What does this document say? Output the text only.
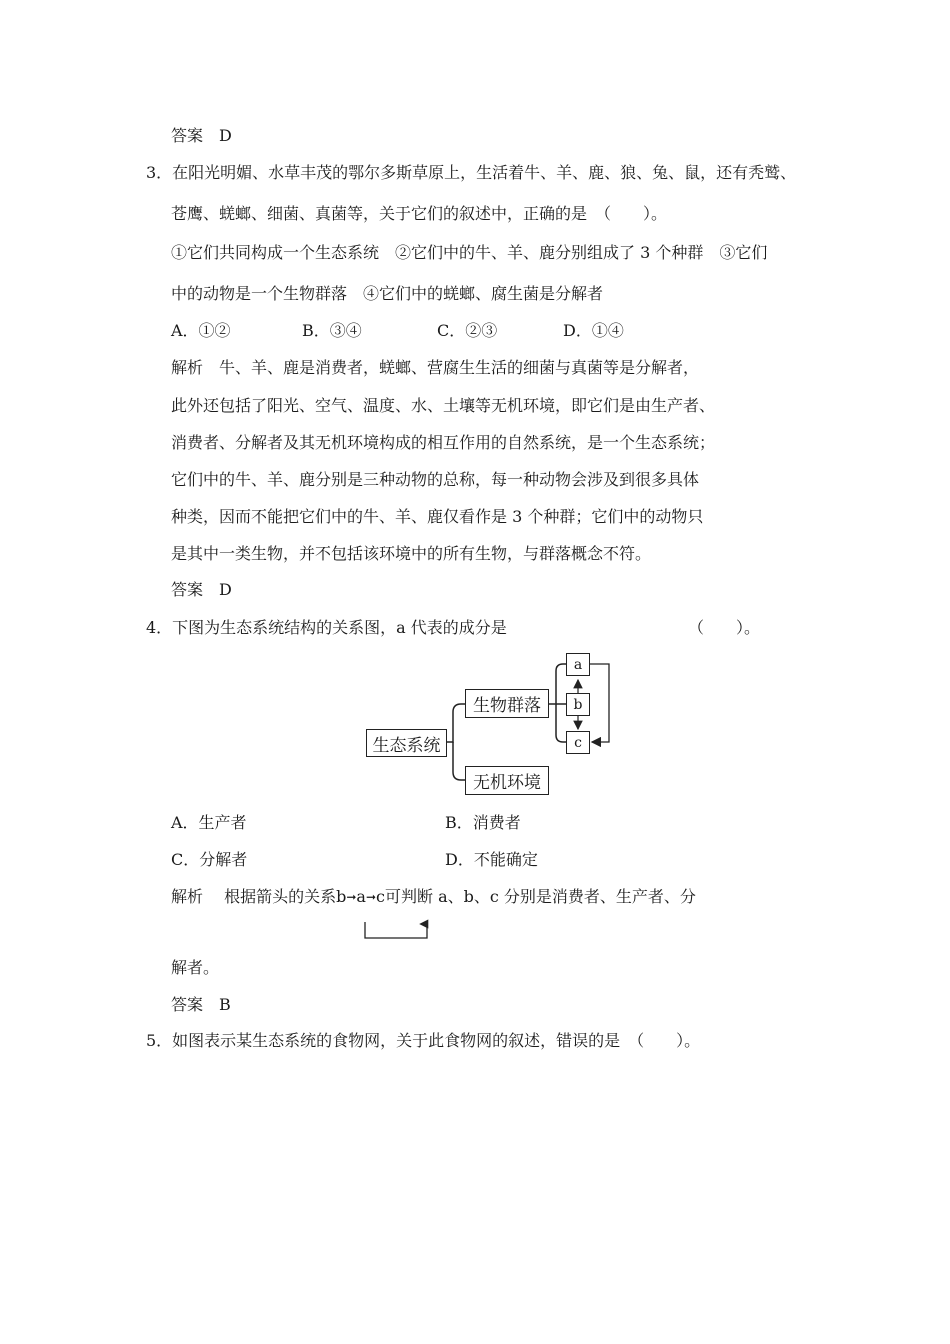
答案　D
3．在阳光明媚、水草丰茂的鄂尔多斯草原上，生活着牛、羊、鹿、狼、兔、鼠，还有秃鹫、
苍鹰、蜣螂、细菌、真菌等，关于它们的叙述中，正确的是　（　　）。
①它们共同构成一个生态系统　②它们中的牛、羊、鹿分别组成了 3 个种群　③它们
中的动物是一个生物群落　④它们中的蜣螂、腐生菌是分解者
A．①②	B．③④	C．②③	D．①④
解析　牛、羊、鹿是消费者，蜣螂、营腐生生活的细菌与真菌等是分解者，
此外还包括了阳光、空气、温度、水、土壤等无机环境，即它们是由生产者、
消费者、分解者及其无机环境构成的相互作用的自然系统，是一个生态系统；
它们中的牛、羊、鹿分别是三种动物的总称，每一种动物会涉及到很多具体
种类，因而不能把它们中的牛、羊、鹿仅看作是 3 个种群；它们中的动物只
是其中一类生物，并不包括该环境中的所有生物，与群落概念不符。
答案　D
4．下图为生态系统结构的关系图，a 代表的成分是	（　　）。
生态系统
生物群落
无机环境
a
b
c
A．生产者	B．消费者
C．分解者	D．不能确定
解析　 根据箭头的关系 b ➞ a ➞ c 可判断 a、b、c 分别是消费者、生产者、分
解者。
答案　B
5．如图表示某生态系统的食物网，关于此食物网的叙述，错误的是　（　　）。
